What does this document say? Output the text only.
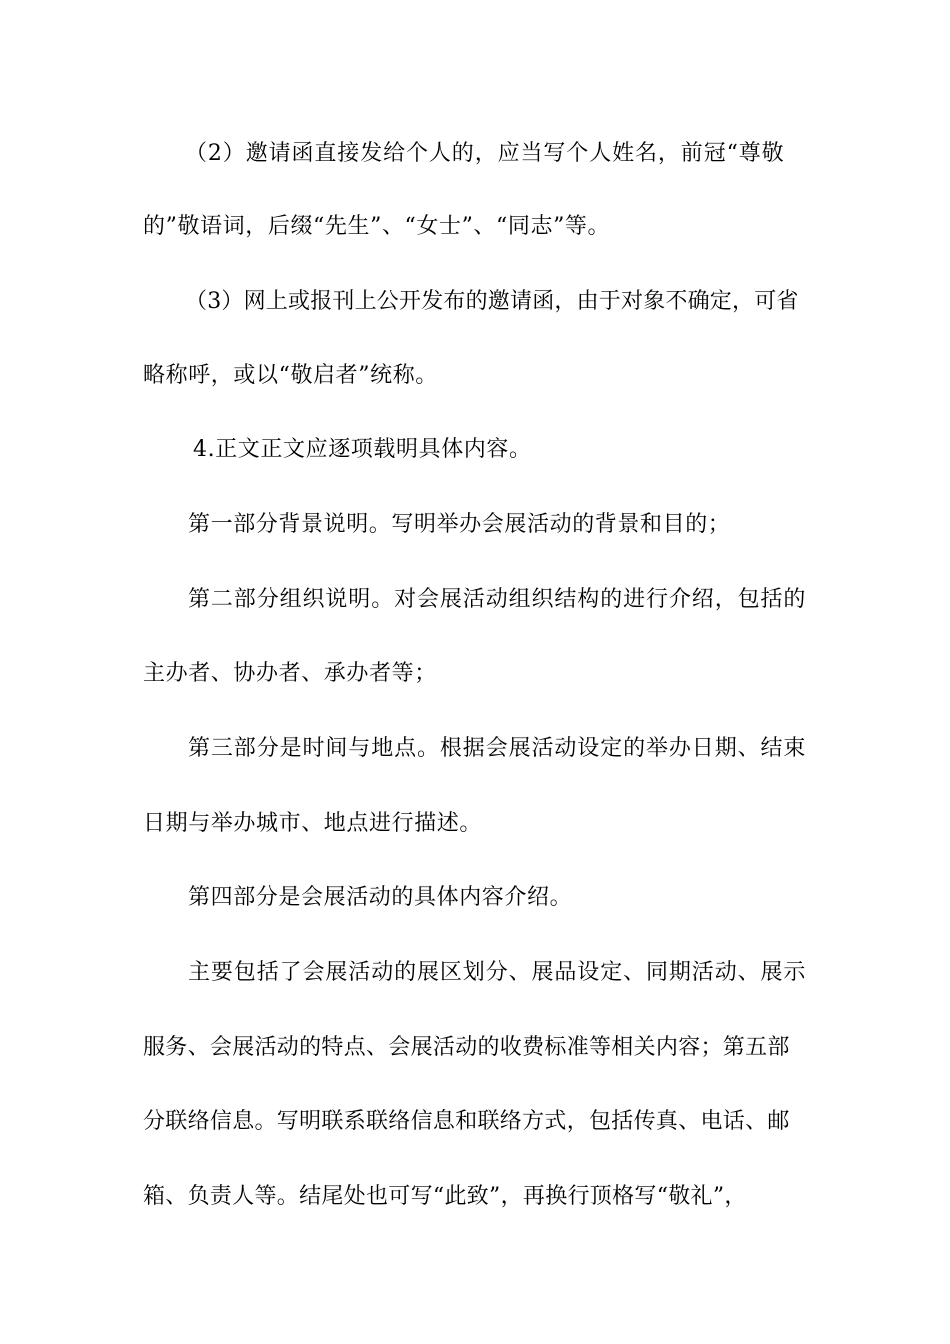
（2）邀请函直接发给个人的，应当写个人姓名，前冠“尊敬
的”敬语词，后缀“先生”、“女士”、“同志”等。
（3）网上或报刊上公开发布的邀请函，由于对象不确定，可省
略称呼，或以“敬启者”统称。
4.正文正文应逐项载明具体内容。
第一部分背景说明。写明举办会展活动的背景和目的；
第二部分组织说明。对会展活动组织结构的进行介绍，包括的
主办者、协办者、承办者等；
第三部分是时间与地点。根据会展活动设定的举办日期、结束
日期与举办城市、地点进行描述。
第四部分是会展活动的具体内容介绍。
主要包括了会展活动的展区划分、展品设定、同期活动、展示
服务、会展活动的特点、会展活动的收费标准等相关内容；第五部
分联络信息。写明联系联络信息和联络方式，包括传真、电话、邮
箱、负责人等。结尾处也可写“此致”，再换行顶格写“敬礼”，
